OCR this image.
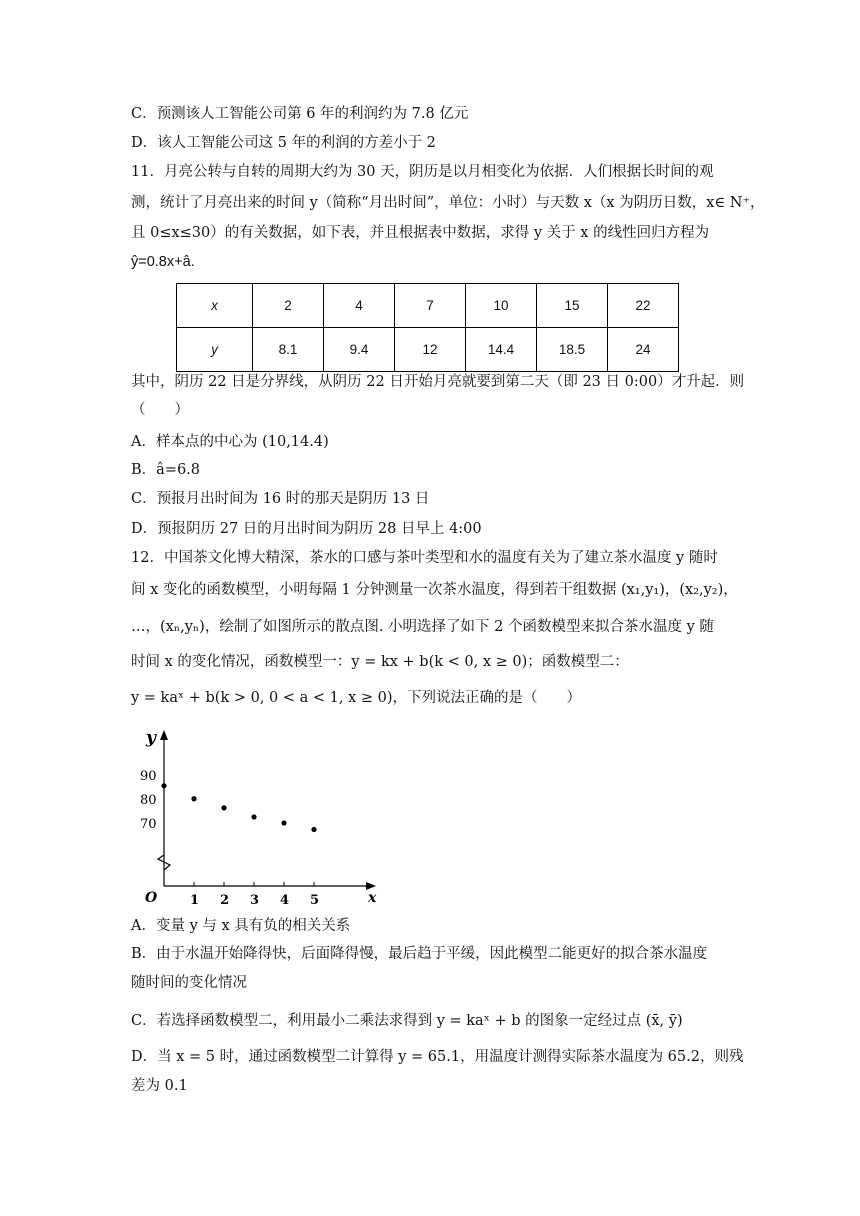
C．预测该人工智能公司第 6 年的利润约为 7.8 亿元
D．该人工智能公司这 5 年的利润的方差小于 2
11．月亮公转与自转的周期大约为 30 天，阴历是以月相变化为依据．人们根据长时间的观
测，统计了月亮出来的时间 y（简称“月出时间”，单位：小时）与天数 x（x 为阴历日数，x∈ N⁺，
且 0≤x≤30）的有关数据，如下表，并且根据表中数据，求得 y 关于 x 的线性回归方程为
ŷ=0.8x+â.
x	2	4	7	10	15	22
y	8.1	9.4	12	14.4	18.5	24
其中，阴历 22 日是分界线，从阴历 22 日开始月亮就要到第二天（即 23 日 0:00）才升起．则
（　　）
A．样本点的中心为 (10,14.4)
B．â=6.8
C．预报月出时间为 16 时的那天是阴历 13 日
D．预报阴历 27 日的月出时间为阴历 28 日早上 4:00
12．中国茶文化博大精深，茶水的口感与茶叶类型和水的温度有关为了建立茶水温度 y 随时
间 x 变化的函数模型，小明每隔 1 分钟测量一次茶水温度，得到若干组数据 (x₁,y₁)，(x₂,y₂)，
…，(xₙ,yₙ)，绘制了如图所示的散点图. 小明选择了如下 2 个函数模型来拟合茶水温度 y 随
时间 x 的变化情况，函数模型一：y = kx + b(k < 0, x ≥ 0)；函数模型二：
y = kaˣ + b(k > 0, 0 < a < 1, x ≥ 0)，下列说法正确的是（　　）
y
x
O	1 2 3 4 5
70
80
90
A．变量 y 与 x 具有负的相关关系
B．由于水温开始降得快，后面降得慢，最后趋于平缓，因此模型二能更好的拟合茶水温度
随时间的变化情况
C．若选择函数模型二，利用最小二乘法求得到 y = kaˣ + b 的图象一定经过点 (x̄, ȳ)
D．当 x = 5 时，通过函数模型二计算得 y = 65.1，用温度计测得实际茶水温度为 65.2，则残
差为 0.1
